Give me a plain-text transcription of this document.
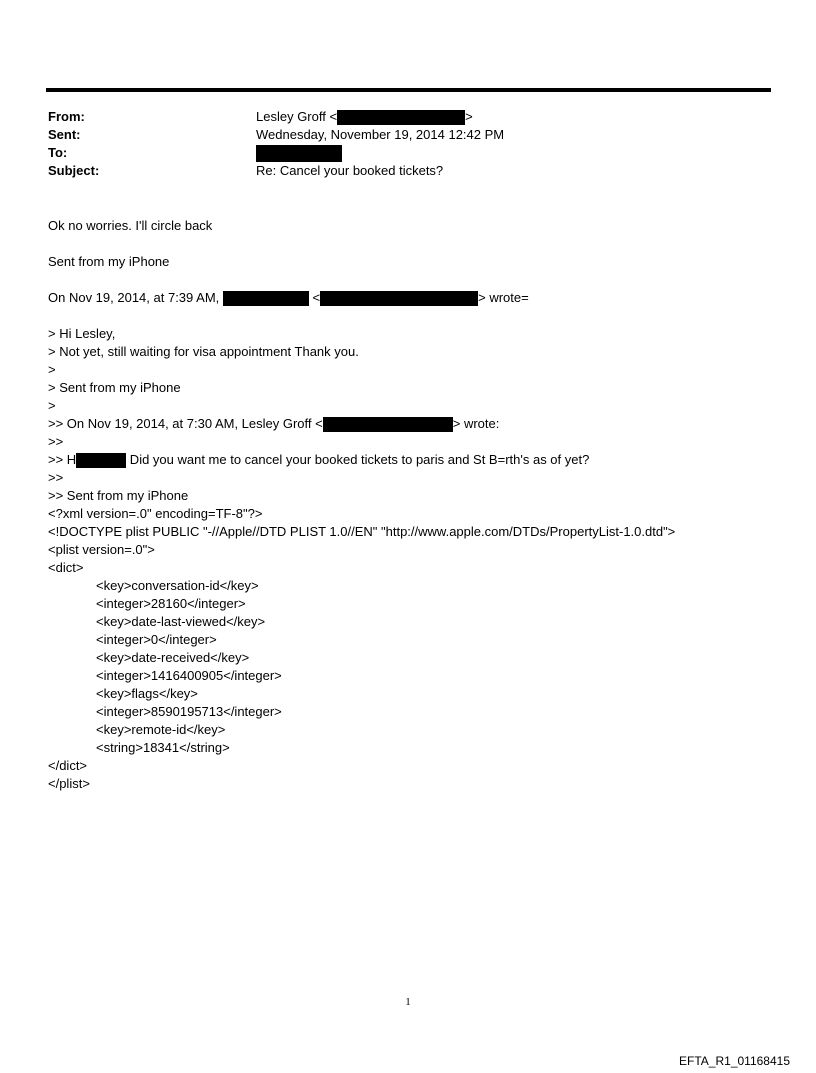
From:	Lesley Groff <	>
Sent:	Wednesday, November 19, 2014 12:42 PM
To:
Subject:	Re: Cancel your booked tickets?
Ok no worries. I'll circle back
Sent from my iPhone
On Nov 19, 2014, at 7:39 AM,	<	> wrote=
> Hi Lesley,
> Not yet, still waiting for visa appointment Thank you.
>
> Sent from my iPhone
>
>> On Nov 19, 2014, at 7:30 AM, Lesley Groff <	> wrote:
>>
>> H	Did you want me to cancel your booked tickets to paris and St B=rth's as of yet?
>>
>> Sent from my iPhone
<?xml version=.0" encoding=TF-8"?>
<!DOCTYPE plist PUBLIC "-//Apple//DTD PLIST 1.0//EN" "http://www.apple.com/DTDs/PropertyList-1.0.dtd">
<plist version=.0">
<dict>
<key>conversation-id</key>
<integer>28160</integer>
<key>date-last-viewed</key>
<integer>0</integer>
<key>date-received</key>
<integer>1416400905</integer>
<key>flags</key>
<integer>8590195713</integer>
<key>remote-id</key>
<string>18341</string>
</dict>
</plist>
1
EFTA_R1_01168415
